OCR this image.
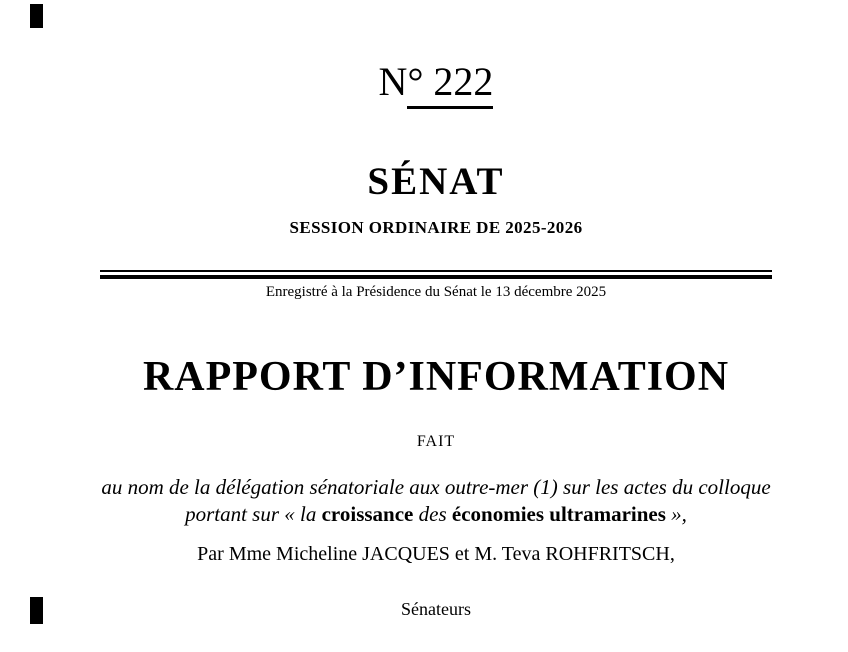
N° 222
SÉNAT
SESSION ORDINAIRE DE 2025-2026
Enregistré à la Présidence du Sénat le 13 décembre 2025
RAPPORT D’INFORMATION
FAIT
au nom de la délégation sénatoriale aux outre-mer (1) sur les actes du colloque
portant sur « la croissance des économies ultramarines »,
Par Mme Micheline JACQUES et M. Teva ROHFRITSCH,
Sénateurs
